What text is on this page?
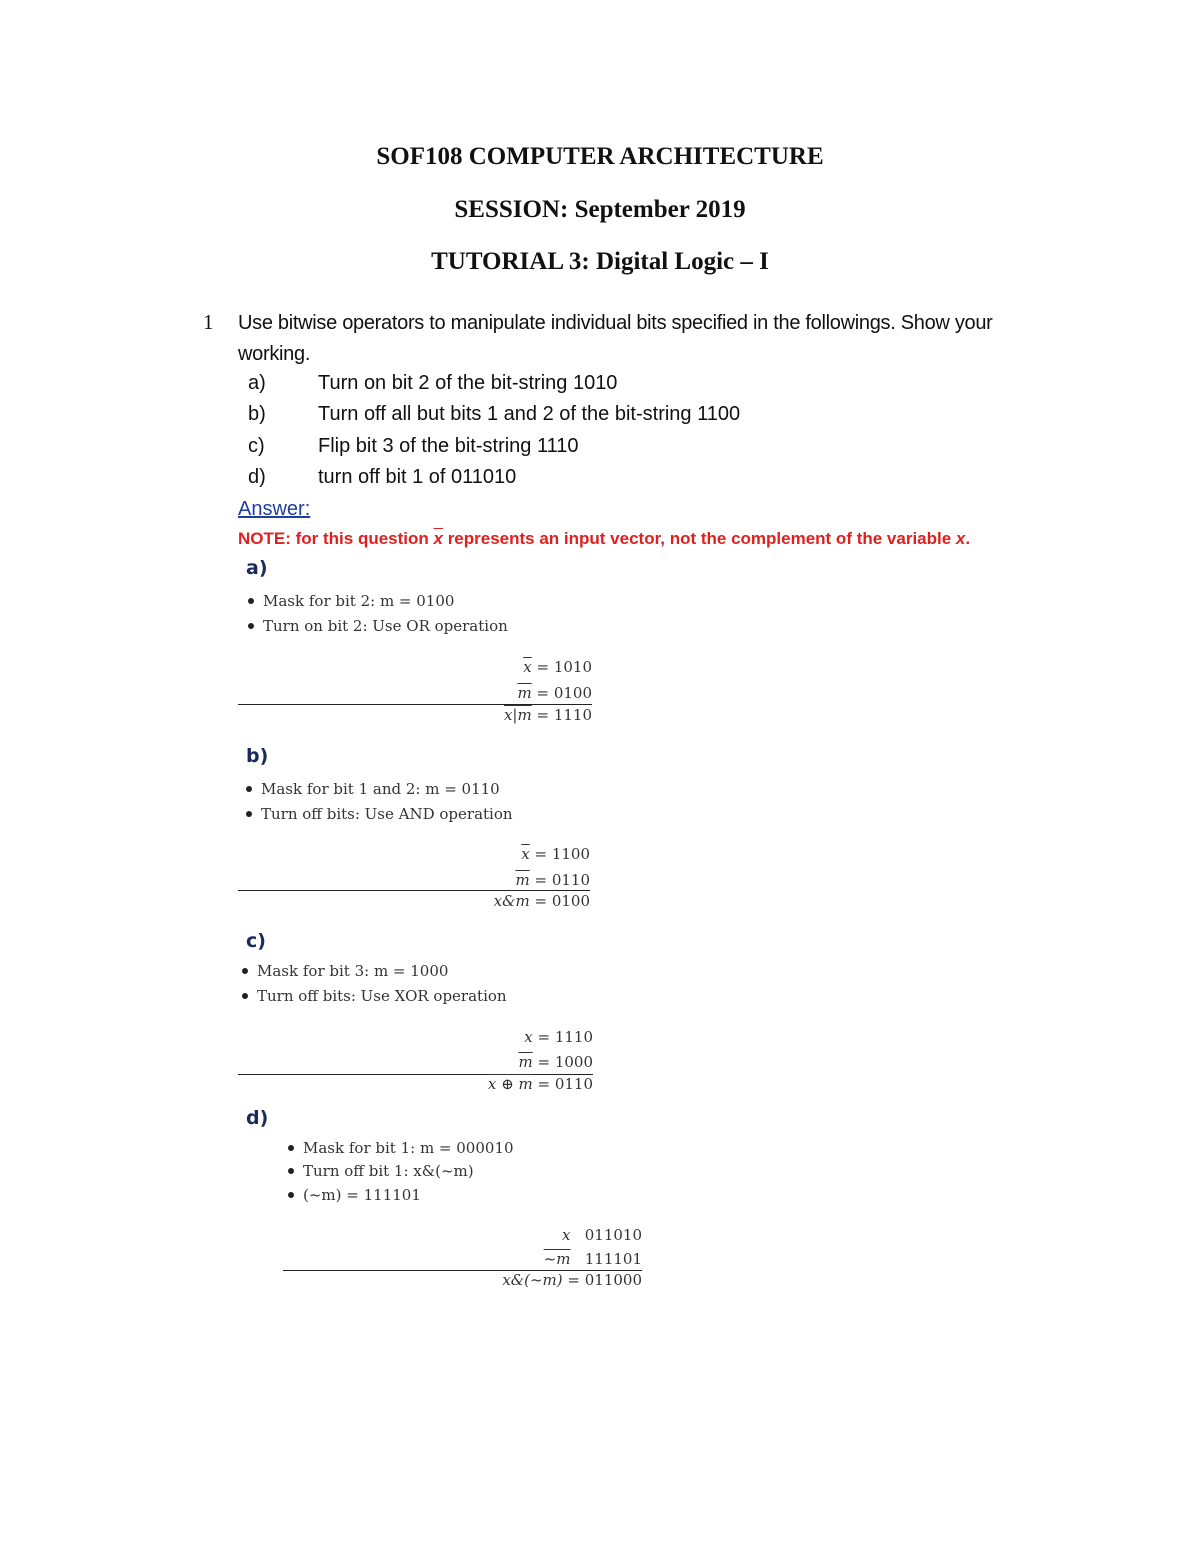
SOF108 COMPUTER ARCHITECTURE
SESSION: September 2019
TUTORIAL 3: Digital Logic – I
1 Use bitwise operators to manipulate individual bits specified in the followings. Show your working.
a)	Turn on bit 2 of the bit-string 1010
b)	Turn off all but bits 1 and 2 of the bit-string 1100
c)	Flip bit 3 of the bit-string 1110
d)	turn off bit 1 of 011010
Answer:
NOTE: for this question $\overline{x}$ represents an input vector, not the complement of the variable x.
a)
Mask for bit 2: m = 0100
Turn on bit 2: Use OR operation
$\overline{x} = 1010$
$\overline{m} = 0100$
x|m = 1110
b)
Mask for bit 1 and 2: m = 0110
Turn off bits: Use AND operation
$\overline{x} = 1100$
$\overline{m} = 0110$
x&m = 0100
c)
Mask for bit 3: m = 1000
Turn off bits: Use XOR operation
x = 1110
$\overline{m} = 1000$
x ⊕ m = 0110
d)
Mask for bit 1: m = 000010
Turn off bit 1: x&(~m)
(~m) = 111101
x   011010
~m   111101
x&(~m) = 011000
